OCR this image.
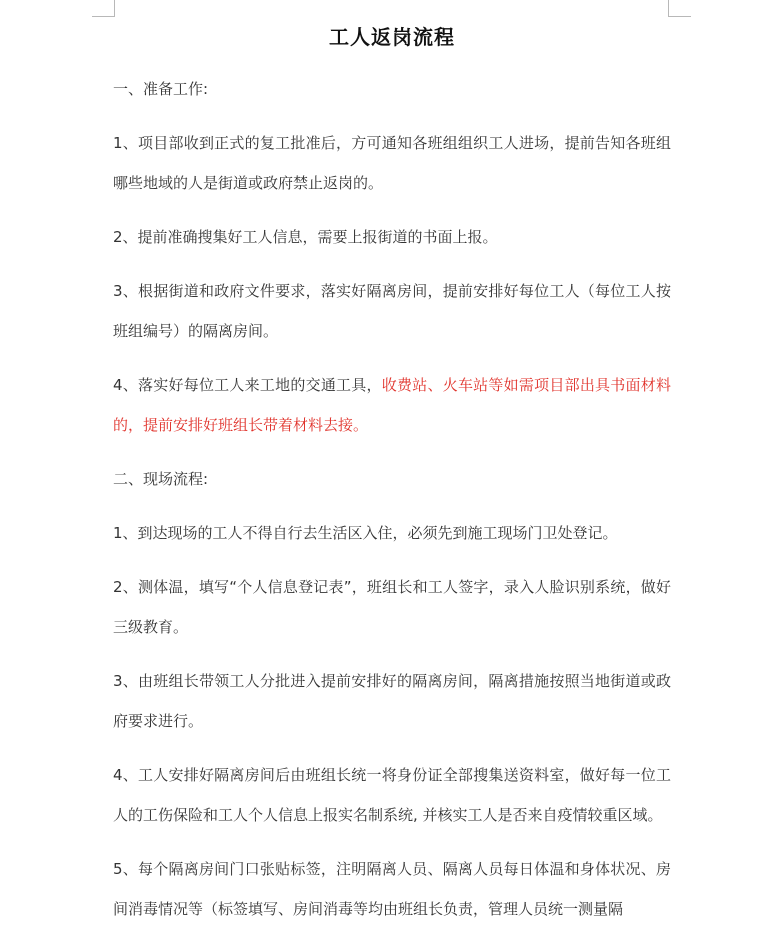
工人返岗流程

一、准备工作:

1、项目部收到正式的复工批准后，方可通知各班组组织工人进场，提前告知各班组哪些地域的人是街道或政府禁止返岗的。

2、提前准确搜集好工人信息，需要上报街道的书面上报。

3、根据街道和政府文件要求，落实好隔离房间，提前安排好每位工人（每位工人按班组编号）的隔离房间。

4、落实好每位工人来工地的交通工具，收费站、火车站等如需项目部出具书面材料的，提前安排好班组长带着材料去接。

二、现场流程:

1、到达现场的工人不得自行去生活区入住，必须先到施工现场门卫处登记。

2、测体温，填写“个人信息登记表”，班组长和工人签字，录入人脸识别系统，做好三级教育。

3、由班组长带领工人分批进入提前安排好的隔离房间，隔离措施按照当地街道或政府要求进行。

4、工人安排好隔离房间后由班组长统一将身份证全部搜集送资料室，做好每一位工人的工伤保险和工人个人信息上报实名制系统, 并核实工人是否来自疫情较重区域。

5、每个隔离房间门口张贴标签，注明隔离人员、隔离人员每日体温和身体状况、房间消毒情况等（标签填写、房间消毒等均由班组长负责，管理人员统一测量隔
